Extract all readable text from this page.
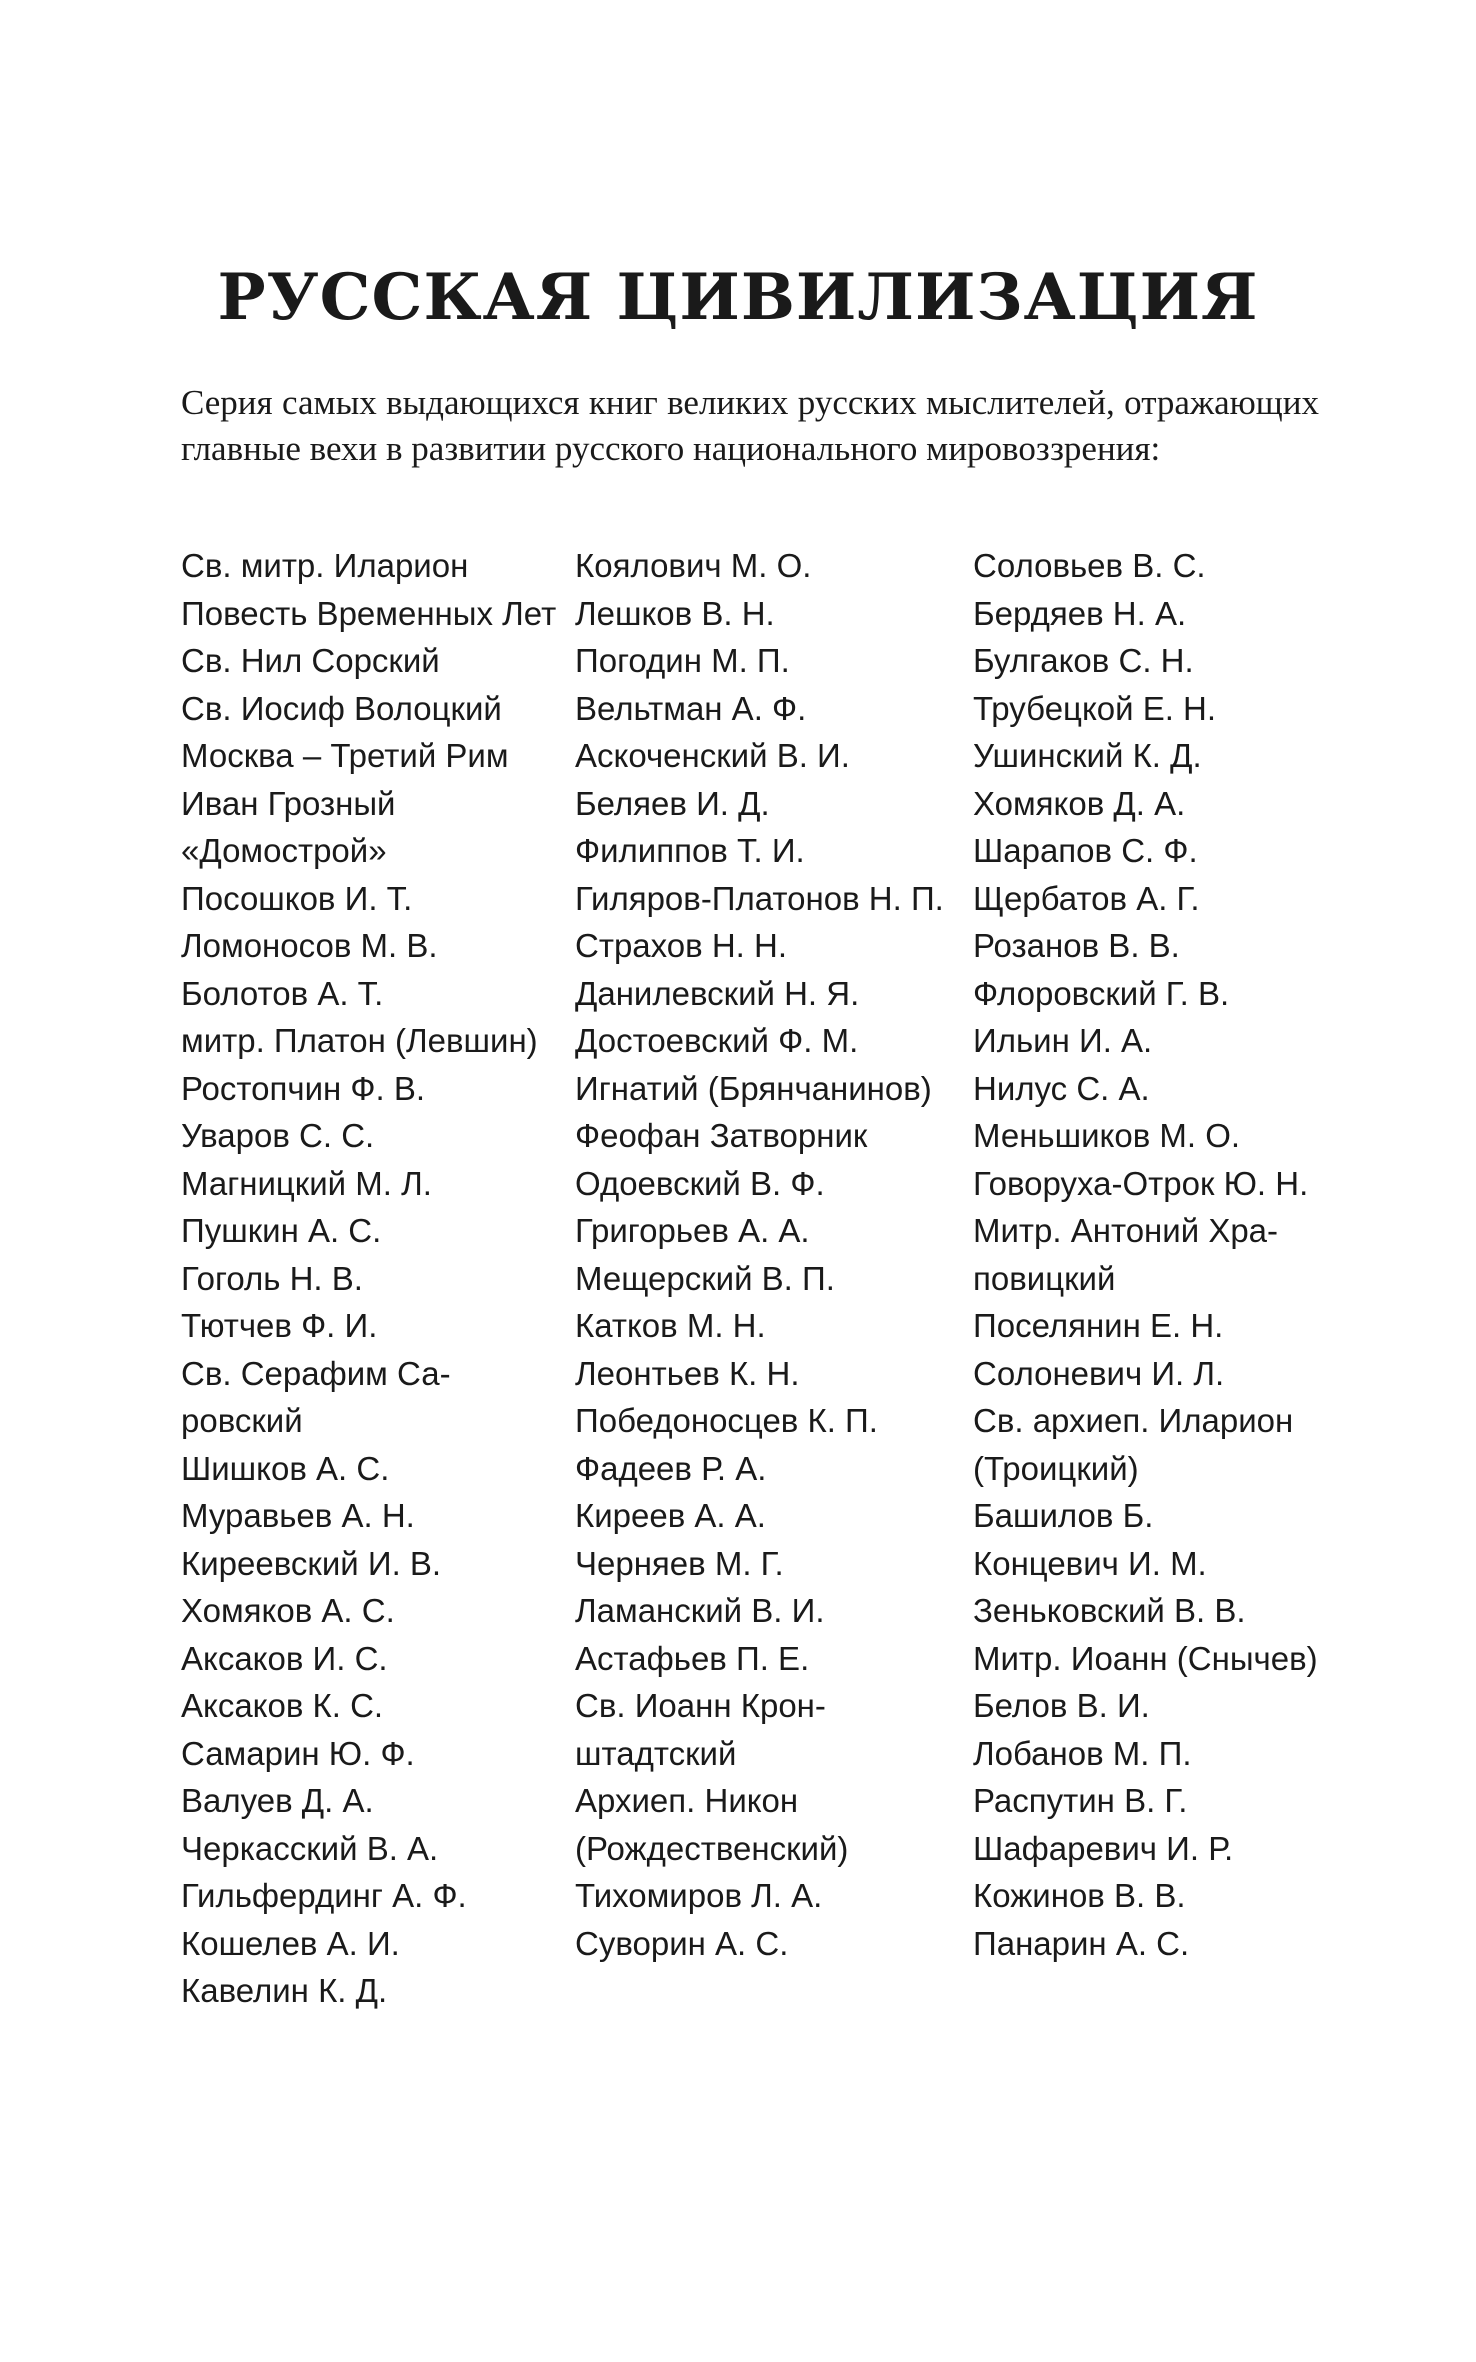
РУССКАЯ ЦИВИЛИЗАЦИЯ

Серия самых выдающихся книг великих русских мыслителей, отражающих главные вехи в развитии русского национального мировоззрения:

Св. митр. Иларион
Повесть Временных Лет
Св. Нил Сорский
Св. Иосиф Волоцкий
Москва – Третий Рим
Иван Грозный
«Домострой»
Посошков И. Т.
Ломоносов М. В.
Болотов А. Т.
митр. Платон (Левшин)
Ростопчин Ф. В.
Уваров С. С.
Магницкий М. Л.
Пушкин А. С.
Гоголь Н. В.
Тютчев Ф. И.
Св. Серафим Са-
ровский
Шишков А. С.
Муравьев А. Н.
Киреевский И. В.
Хомяков А. С.
Аксаков И. С.
Аксаков К. С.
Самарин Ю. Ф.
Валуев Д. А.
Черкасский В. А.
Гильфердинг А. Ф.
Кошелев А. И.
Кавелин К. Д.
Коялович М. О.
Лешков В. Н.
Погодин М. П.
Вельтман А. Ф.
Аскоченский В. И.
Беляев И. Д.
Филиппов Т. И.
Гиляров-Платонов Н. П.
Страхов Н. Н.
Данилевский Н. Я.
Достоевский Ф. М.
Игнатий (Брянчанинов)
Феофан Затворник
Одоевский В. Ф.
Григорьев А. А.
Мещерский В. П.
Катков М. Н.
Леонтьев К. Н.
Победоносцев К. П.
Фадеев Р. А.
Киреев А. А.
Черняев М. Г.
Ламанский В. И.
Астафьев П. Е.
Св. Иоанн Крон-
штадтский
Архиеп. Никон
(Рождественский)
Тихомиров Л. А.
Суворин А. С.
Соловьев В. С.
Бердяев Н. А.
Булгаков С. Н.
Трубецкой Е. Н.
Ушинский К. Д.
Хомяков Д. А.
Шарапов С. Ф.
Щербатов А. Г.
Розанов В. В.
Флоровский Г. В.
Ильин И. А.
Нилус С. А.
Меньшиков М. О.
Говоруха-Отрок Ю. Н.
Митр. Антоний Хра-
повицкий
Поселянин Е. Н.
Солоневич И. Л.
Св. архиеп. Иларион
(Троицкий)
Башилов Б.
Концевич И. М.
Зеньковский В. В.
Митр. Иоанн (Снычев)
Белов В. И.
Лобанов М. П.
Распутин В. Г.
Шафаревич И. Р.
Кожинов В. В.
Панарин А. С.
